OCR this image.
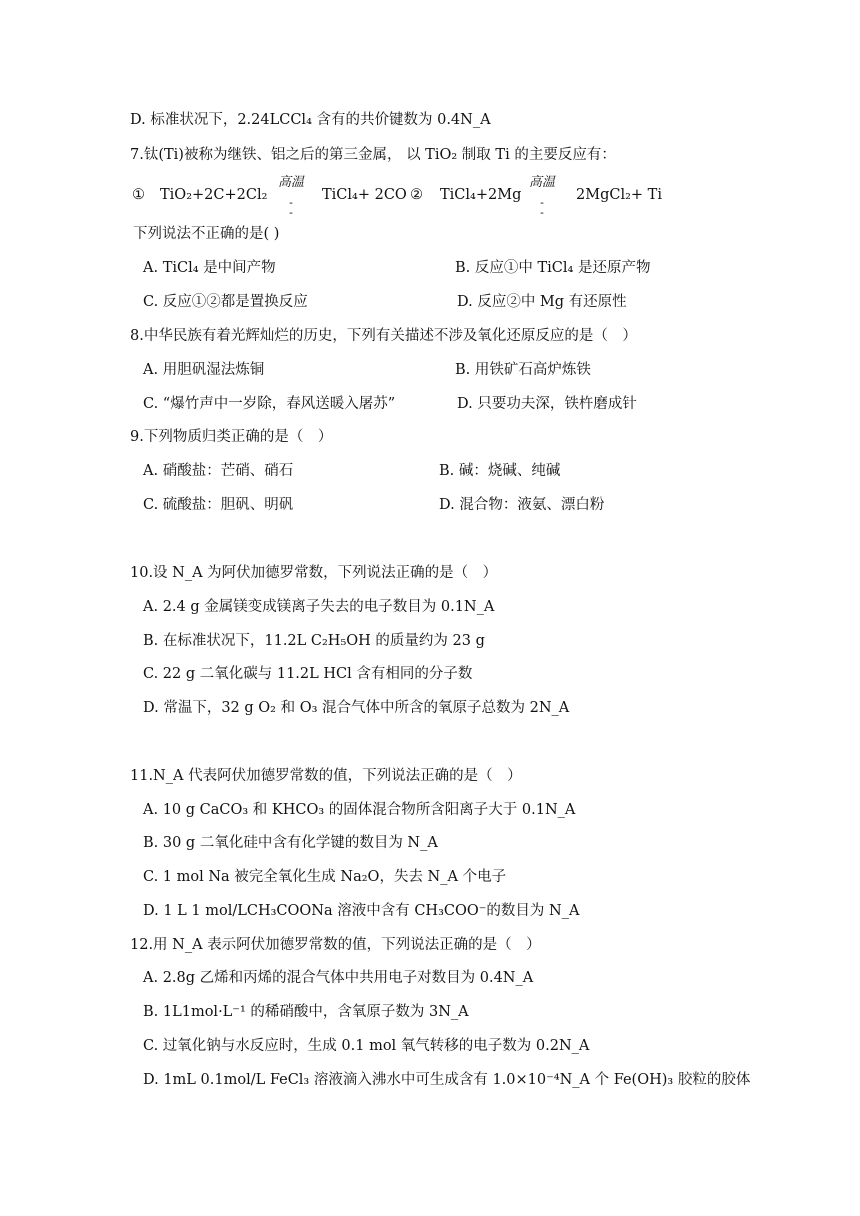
D. 标准状况下，2.24LCCl₄ 含有的共价键数为 0.4N_A
7.钛(Ti)被称为继铁、铝之后的第三金属， 以 TiO₂ 制取 Ti 的主要反应有：
① TiO₂+2C+2Cl₂
高温
-
-
TiCl₄+ 2CO ② TiCl₄+2Mg
高温
-
-
2MgCl₂+ Ti
下列说法不正确的是( )
A. TiCl₄ 是中间产物	B. 反应①中 TiCl₄ 是还原产物
C. 反应①②都是置换反应	D. 反应②中 Mg 有还原性
8.中华民族有着光辉灿烂的历史，下列有关描述不涉及氧化还原反应的是（　）
A. 用胆矾湿法炼铜	B. 用铁矿石高炉炼铁
C. “爆竹声中一岁除，春风送暖入屠苏”	D. 只要功夫深，铁杵磨成针
9.下列物质归类正确的是（　）
A. 硝酸盐：芒硝、硝石	B. 碱：烧碱、纯碱
C. 硫酸盐：胆矾、明矾	D. 混合物：液氨、漂白粉
10.设 N_A 为阿伏加德罗常数，下列说法正确的是（　）
A. 2.4 g 金属镁变成镁离子失去的电子数目为 0.1N_A
B. 在标准状况下，11.2L C₂H₅OH 的质量约为 23 g
C. 22 g 二氧化碳与 11.2L HCl 含有相同的分子数
D. 常温下，32 g O₂ 和 O₃ 混合气体中所含的氧原子总数为 2N_A
11.N_A 代表阿伏加德罗常数的值，下列说法正确的是（　）
A. 10 g CaCO₃ 和 KHCO₃ 的固体混合物所含阳离子大于 0.1N_A
B. 30 g 二氧化硅中含有化学键的数目为 N_A
C. 1 mol Na 被完全氧化生成 Na₂O，失去 N_A 个电子
D. 1 L 1 mol/LCH₃COONa 溶液中含有 CH₃COO⁻的数目为 N_A
12.用 N_A 表示阿伏加德罗常数的值，下列说法正确的是（　）
A. 2.8g 乙烯和丙烯的混合气体中共用电子对数目为 0.4N_A
B. 1L1mol·L⁻¹ 的稀硝酸中，含氧原子数为 3N_A
C. 过氧化钠与水反应时，生成 0.1 mol 氧气转移的电子数为 0.2N_A
D. 1mL 0.1mol/L FeCl₃ 溶液滴入沸水中可生成含有 1.0×10⁻⁴N_A 个 Fe(OH)₃ 胶粒的胶体
